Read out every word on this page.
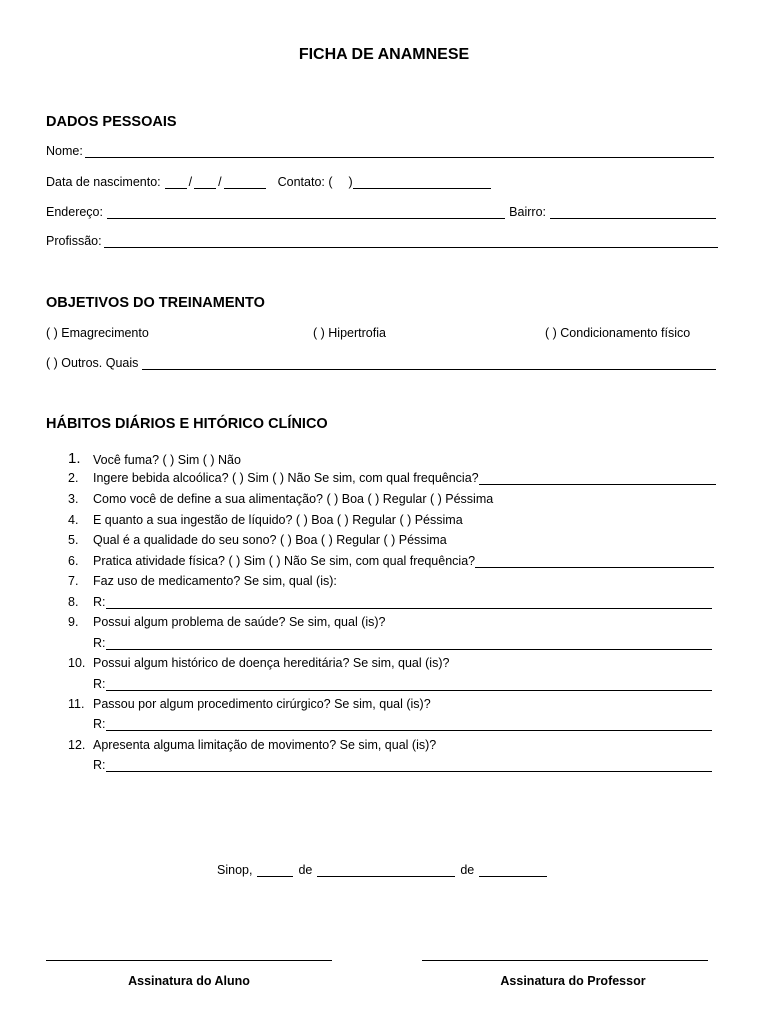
FICHA DE ANAMNESE
DADOS PESSOAIS
Nome:
Data de nascimento: / /	Contato: ( )
Endereço:	Bairro:
Profissão:
OBJETIVOS DO TREINAMENTO
( ) Emagrecimento	( ) Hipertrofia	( ) Condicionamento físico
( ) Outros. Quais
HÁBITOS DIÁRIOS E HITÓRICO CLÍNICO
1. Você fuma? ( ) Sim ( ) Não
2.	Ingere bebida alcoólica? ( ) Sim ( ) Não Se sim, com qual frequência?
3.	Como você de define a sua alimentação? ( ) Boa ( ) Regular ( ) Péssima
4.	E quanto a sua ingestão de líquido? ( ) Boa ( ) Regular ( ) Péssima
5.	Qual é a qualidade do seu sono? ( ) Boa ( ) Regular ( ) Péssima
6.	Pratica atividade física? ( ) Sim ( ) Não Se sim, com qual frequência?
7.	Faz uso de medicamento? Se sim, qual (is):
8.	R:
9.	Possui algum problema de saúde? Se sim, qual (is)?
R:
10. Possui algum histórico de doença hereditária? Se sim, qual (is)?
R:
11. Passou por algum procedimento cirúrgico? Se sim, qual (is)?
R:
12. Apresenta alguma limitação de movimento? Se sim, qual (is)?
R:
Sinop,	de	de
Assinatura do Aluno	Assinatura do Professor
